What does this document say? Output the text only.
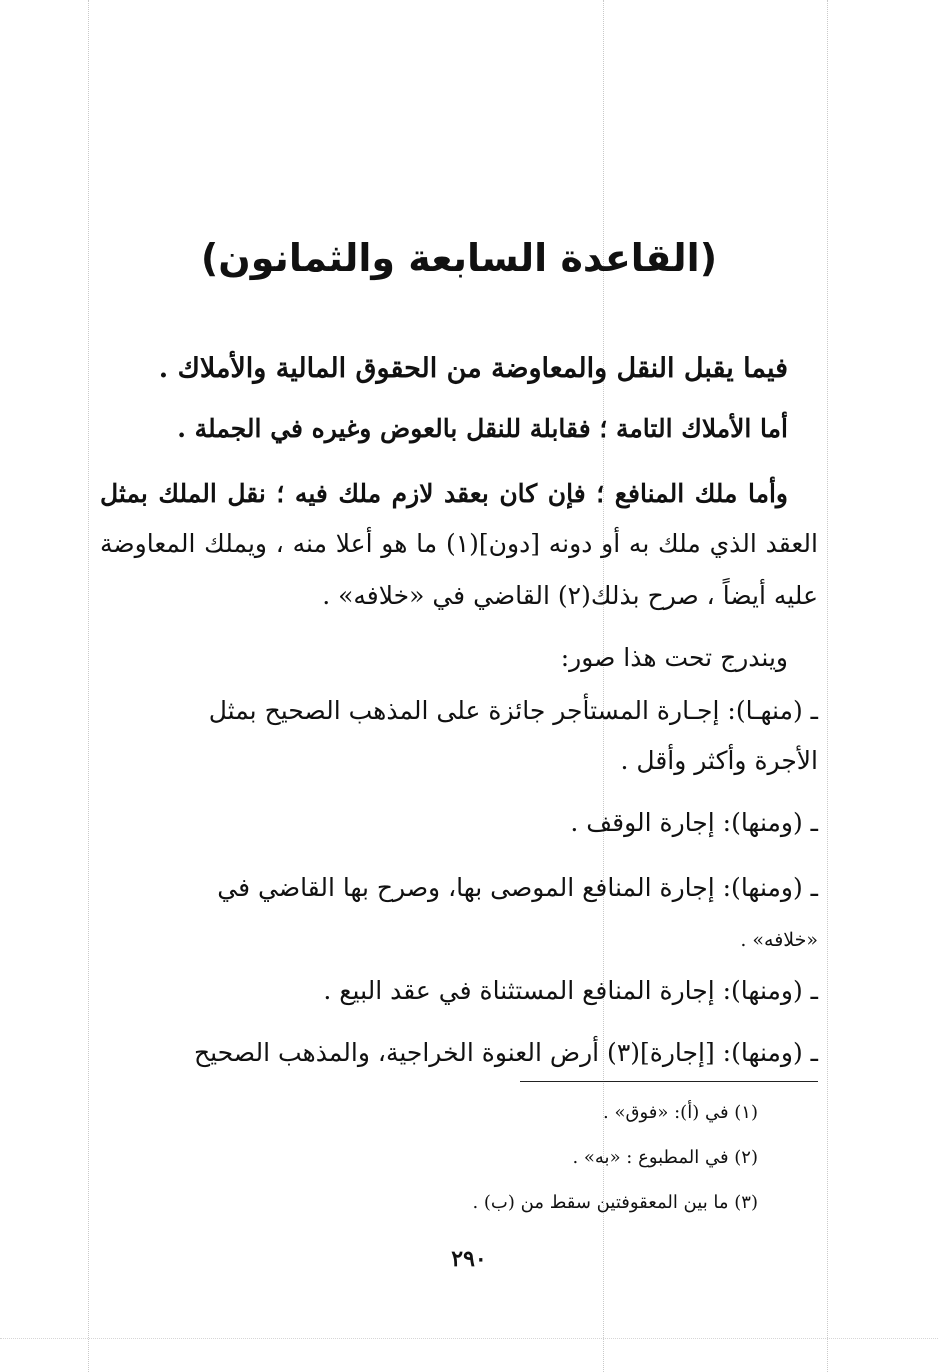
(القاعدة السابعة والثمانون)
فيما يقبل النقل والمعاوضة من الحقوق المالية والأملاك .
أما الأملاك التامة ؛ فقابلة للنقل بالعوض وغيره في الجملة .
وأما ملك المنافع ؛ فإن كان بعقد لازم ملك فيه ؛ نقل الملك بمثل
العقد الذي ملك به أو دونه [دون](١) ما هو أعلا منه ، ويملك المعاوضة
عليه أيضاً ، صرح بذلك(٢) القاضي في «خلافه» .
ويندرج تحت هذا صور:
ـ (منهـا): إجـارة المستأجر جائزة على المذهب الصحيح بمثل
الأجرة وأكثر وأقل .
ـ (ومنها): إجارة الوقف .
ـ (ومنها): إجارة المنافع الموصى بها، وصرح بها القاضي في
«خلافه» .
ـ (ومنها): إجارة المنافع المستثناة في عقد البيع .
ـ (ومنها): [إجارة](٣) أرض العنوة الخراجية، والمذهب الصحيح
(١) في (أ): «فوق» .
(٢) في المطبوع : «به» .
(٣) ما بين المعقوفتين سقط من (ب) .
٢٩٠
